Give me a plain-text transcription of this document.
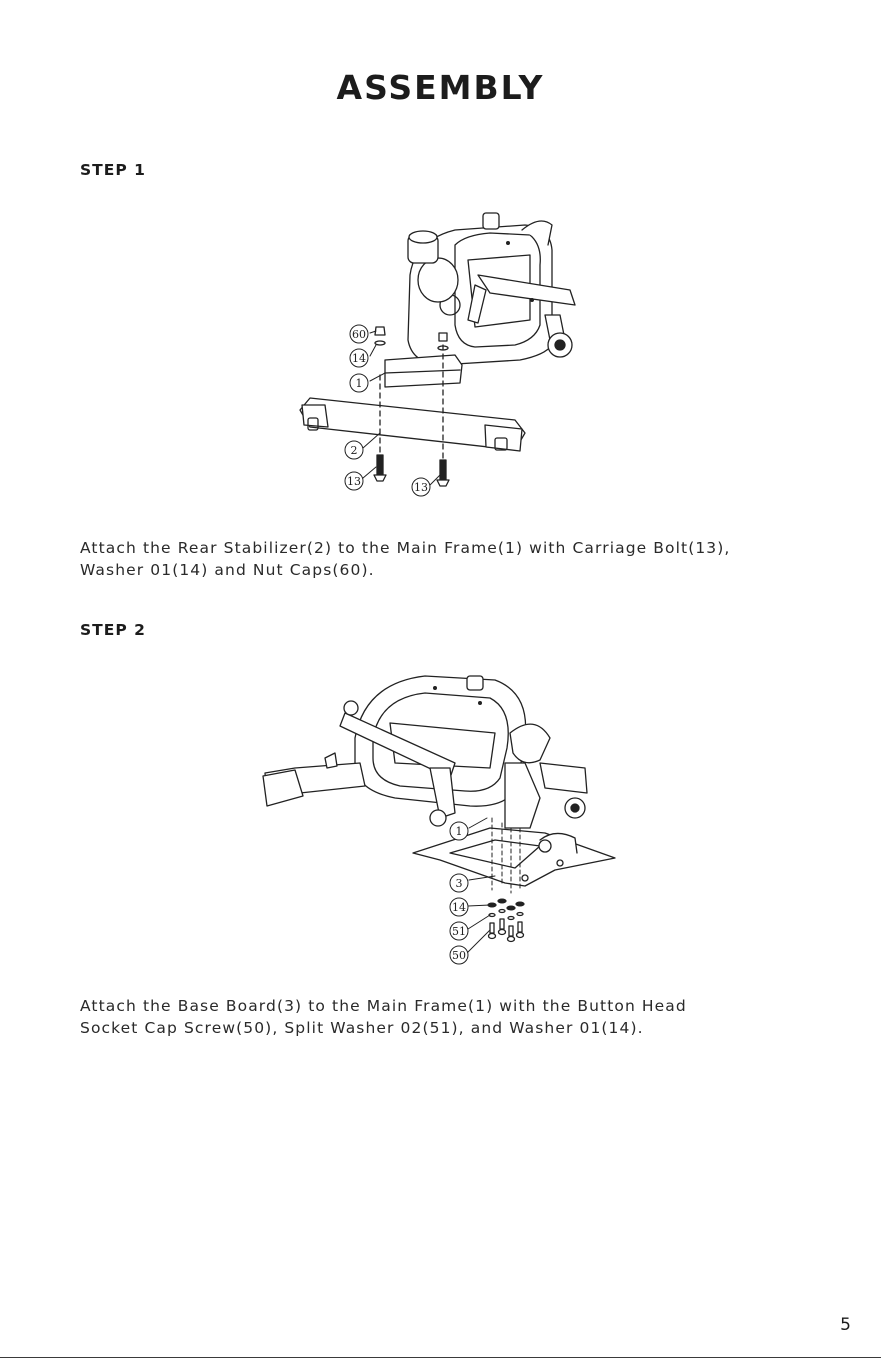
ASSEMBLY
STEP 1
60
14
1
2
13	13
Attach the Rear Stabilizer(2) to the Main Frame(1) with Carriage Bolt(13),
Washer 01(14) and Nut Caps(60).
STEP 2
1
3
14
51
50
Attach the Base Board(3) to the Main Frame(1) with the Button Head
Socket Cap Screw(50), Split Washer 02(51), and Washer 01(14).
5
